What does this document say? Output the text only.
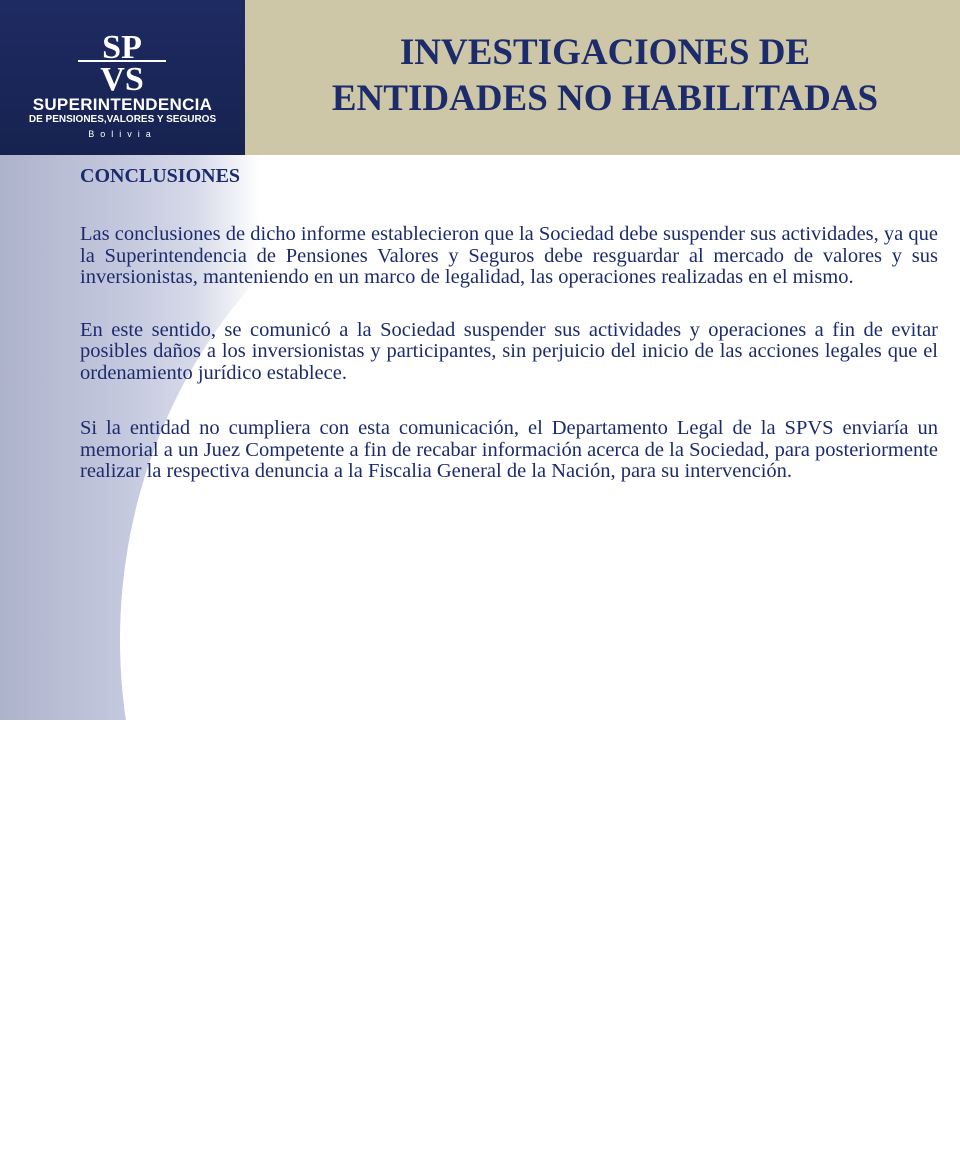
SP
VS
SUPERINTENDENCIA
DE PENSIONES,VALORES Y SEGUROS
Bolivia
INVESTIGACIONES DE
ENTIDADES NO HABILITADAS

CONCLUSIONES

Las conclusiones de dicho informe establecieron que la Sociedad debe suspender sus actividades, ya que la Superintendencia de Pensiones Valores y Seguros debe resguardar al mercado de valores y sus inversionistas, manteniendo en un marco de legalidad, las operaciones realizadas en el mismo.

En este sentido, se comunicó a la Sociedad suspender sus actividades y operaciones a fin de evitar posibles daños a los inversionistas y participantes, sin perjuicio del inicio de las acciones legales que el ordenamiento jurídico establece.

Si la entidad no cumpliera con esta comunicación, el Departamento Legal de la SPVS enviaría un memorial a un Juez Competente a fin de recabar información acerca de la Sociedad, para posteriormente realizar la respectiva denuncia a la Fiscalia General de la Nación, para su intervención.
